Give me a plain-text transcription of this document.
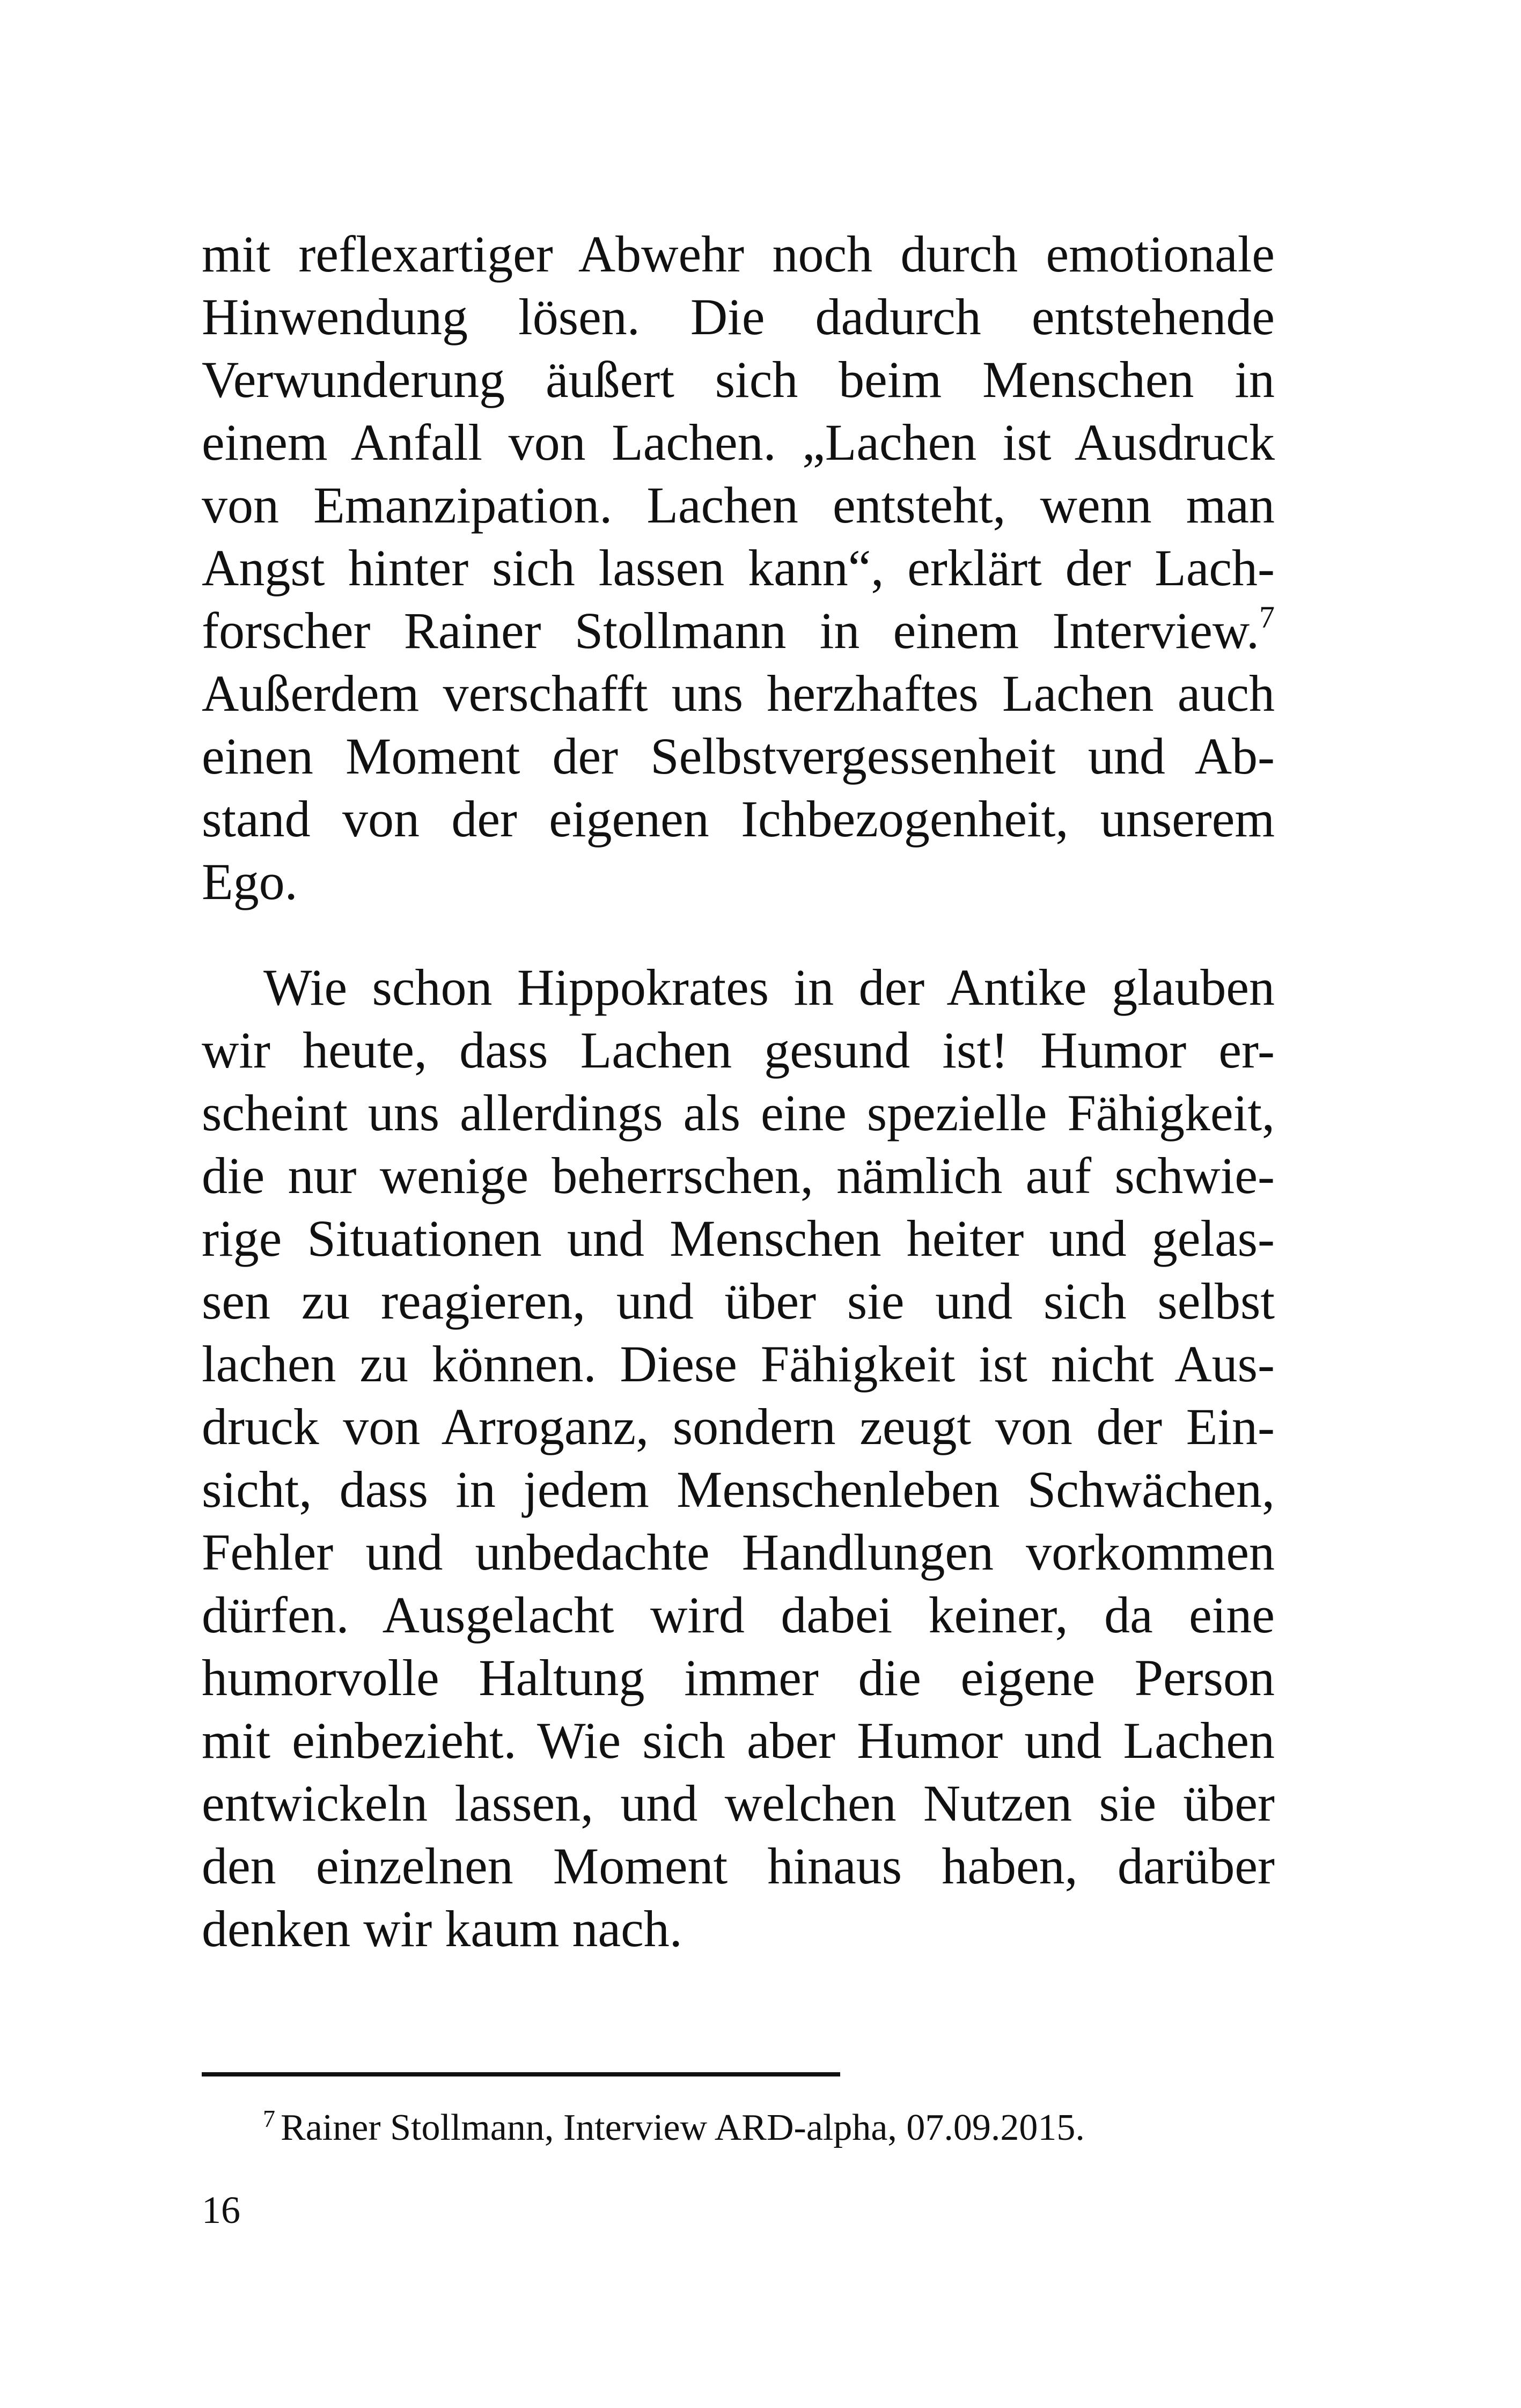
mit reflexartiger Abwehr noch durch emotionale
Hinwendung lösen. Die dadurch entstehende
Verwunderung äußert sich beim Menschen in
einem Anfall von Lachen. „Lachen ist Ausdruck
von Emanzipation. Lachen entsteht, wenn man
Angst hinter sich lassen kann“, erklärt der Lach-
forscher Rainer Stollmann in einem Interview.$^7$
Außerdem verschafft uns herzhaftes Lachen auch
einen Moment der Selbstvergessenheit und Ab-
stand von der eigenen Ichbezogenheit, unserem
Ego.
Wie schon Hippokrates in der Antike glauben
wir heute, dass Lachen gesund ist! Humor er-
scheint uns allerdings als eine spezielle Fähigkeit,
die nur wenige beherrschen, nämlich auf schwie-
rige Situationen und Menschen heiter und gelas-
sen zu reagieren, und über sie und sich selbst
lachen zu können. Diese Fähigkeit ist nicht Aus-
druck von Arroganz, sondern zeugt von der Ein-
sicht, dass in jedem Menschenleben Schwächen,
Fehler und unbedachte Handlungen vorkommen
dürfen. Ausgelacht wird dabei keiner, da eine
humorvolle Haltung immer die eigene Person
mit einbezieht. Wie sich aber Humor und Lachen
entwickeln lassen, und welchen Nutzen sie über
den einzelnen Moment hinaus haben, darüber
denken wir kaum nach.
$^7$ Rainer Stollmann, Interview ARD-alpha, 07.09.2015.
16
